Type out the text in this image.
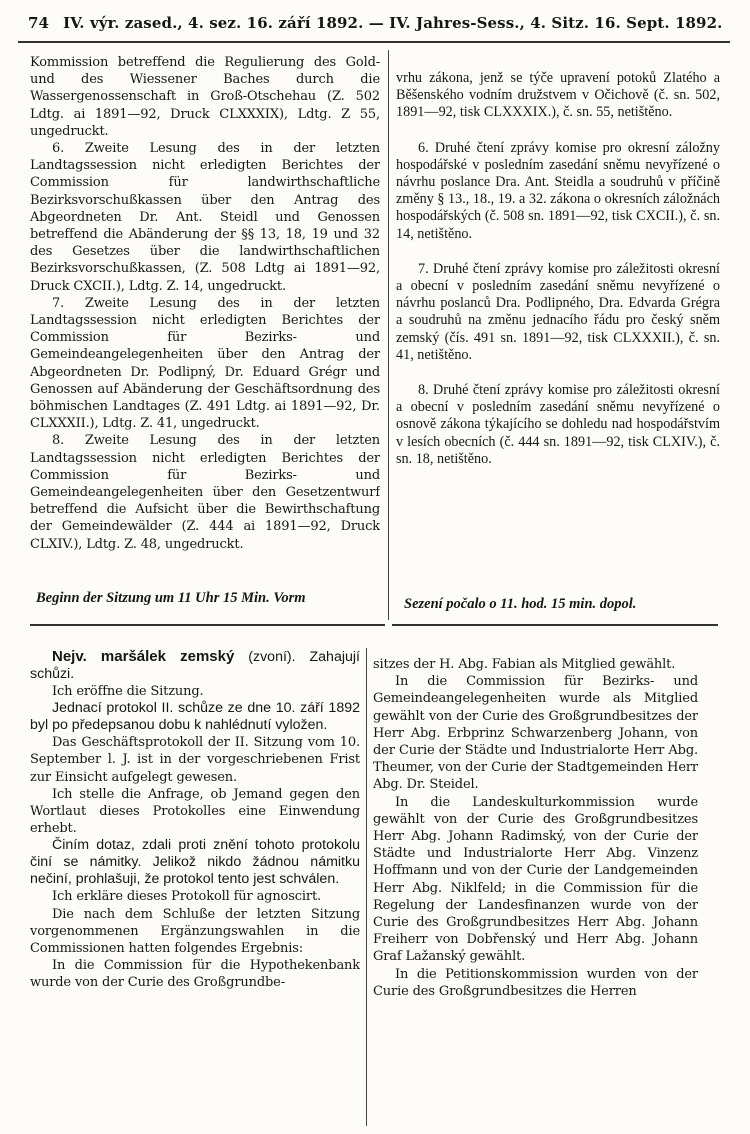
74 IV. výr. zased., 4. sez. 16. září 1892. — IV. Jahres-Sess., 4. Sitz. 16. Sept. 1892.

Kommission betreffend die Regulierung des Gold- und des Wiessener Baches durch die Wassergenossenschaft in Groß-Otschehau (Z. 502 Ldtg. ai 1891—92, Druck CLXXXIX), Ldtg. Z 55, ungedruckt.

6. Zweite Lesung des in der letzten Landtagssession nicht erledigten Berichtes der Commission für landwirthschaftliche Bezirksvorschußkassen über den Antrag des Abgeordneten Dr. Ant. Steidl und Genossen betreffend die Abänderung der §§ 13, 18, 19 und 32 des Gesetzes über die landwirthschaftlichen Bezirksvorschußkassen, (Z. 508 Ldtg ai 1891—92, Druck CXCII.), Ldtg. Z. 14, ungedruckt.

7. Zweite Lesung des in der letzten Landtagssession nicht erledigten Berichtes der Commission für Bezirks- und Gemeindeangelegenheiten über den Antrag der Abgeordneten Dr. Podlipný, Dr. Eduard Grégr und Genossen auf Abänderung der Geschäftsordnung des böhmischen Landtages (Z. 491 Ldtg. ai 1891—92, Dr. CLXXXII.), Ldtg. Z. 41, ungedruckt.

8. Zweite Lesung des in der letzten Landtagssession nicht erledigten Berichtes der Commission für Bezirks- und Gemeindeangelegenheiten über den Gesetzentwurf betreffend die Aufsicht über die Bewirthschaftung der Gemeindewälder (Z. 444 ai 1891—92, Druck CLXIV.), Ldtg. Z. 48, ungedruckt.

vrhu zákona, jenž se týče upravení potoků Zlatého a Běšenského vodním družstvem v Očichově (č. sn. 502, 1891—92, tisk CLXXXIX.), č. sn. 55, netištěno.

6. Druhé čtení zprávy komise pro okresní záložny hospodářské v posledním zasedání sněmu nevyřízené o návrhu poslance Dra. Ant. Steidla a soudruhů v příčině změny § 13., 18., 19. a 32. zákona o okresních záložnách hospodářských (č. 508 sn. 1891—92, tisk CXCII.), č. sn. 14, netištěno.

7. Druhé čtení zprávy komise pro záležitosti okresní a obecní v posledním zasedání sněmu nevyřízené o návrhu poslanců Dra. Podlipného, Dra. Edvarda Grégra a soudruhů na změnu jednacího řádu pro český sněm zemský (čís. 491 sn. 1891—92, tisk CLXXXII.), č. sn. 41, netištěno.

8. Druhé čtení zprávy komise pro záležitosti okresní a obecní v posledním zasedání sněmu nevyřízené o osnově zákona týkajícího se dohledu nad hospodářstvím v lesích obecních (č. 444 sn. 1891—92, tisk CLXIV.), č. sn. 18, netištěno.

Beginn der Sitzung um 11 Uhr 15 Min. Vorm	Sezení počalo o 11. hod. 15 min. dopol.

Nejv. maršálek zemský (zvoní). Zahajují schůzi.

Ich eröffne die Sitzung.

Jednací protokol II. schůze ze dne 10. září 1892 byl po předepsanou dobu k nahlédnutí vyložen.

Das Geschäftsprotokoll der II. Sitzung vom 10. September l. J. ist in der vorgeschriebenen Frist zur Einsicht aufgelegt gewesen.

Ich stelle die Anfrage, ob Jemand gegen den Wortlaut dieses Protokolles eine Einwendung erhebt.

Činím dotaz, zdali proti znění tohoto protokolu činí se námitky. Jelikož nikdo žádnou námitku nečiní, prohlašuji, že protokol tento jest schválen.

Ich erkläre dieses Protokoll für agnoscirt.

Die nach dem Schluße der letzten Sitzung vorgenommenen Ergänzungswahlen in die Commissionen hatten folgendes Ergebnis:

In die Commission für die Hypothekenbank wurde von der Curie des Großgrundbe-

sitzes der H. Abg. Fabian als Mitglied gewählt.

In die Commission für Bezirks- und Gemeindeangelegenheiten wurde als Mitglied gewählt von der Curie des Großgrundbesitzes der Herr Abg. Erbprinz Schwarzenberg Johann, von der Curie der Städte und Industrialorte Herr Abg. Theumer, von der Curie der Stadtgemeinden Herr Abg. Dr. Steidel.

In die Landeskulturkommission wurde gewählt von der Curie des Großgrundbesitzes Herr Abg. Johann Radimský, von der Curie der Städte und Industrialorte Herr Abg. Vinzenz Hoffmann und von der Curie der Landgemeinden Herr Abg. Niklfeld; in die Commission für die Regelung der Landesfinanzen wurde von der Curie des Großgrundbesitzes Herr Abg. Johann Freiherr von Dobřenský und Herr Abg. Johann Graf Lažanský gewählt.

In die Petitionskommission wurden von der Curie des Großgrundbesitzes die Herren
